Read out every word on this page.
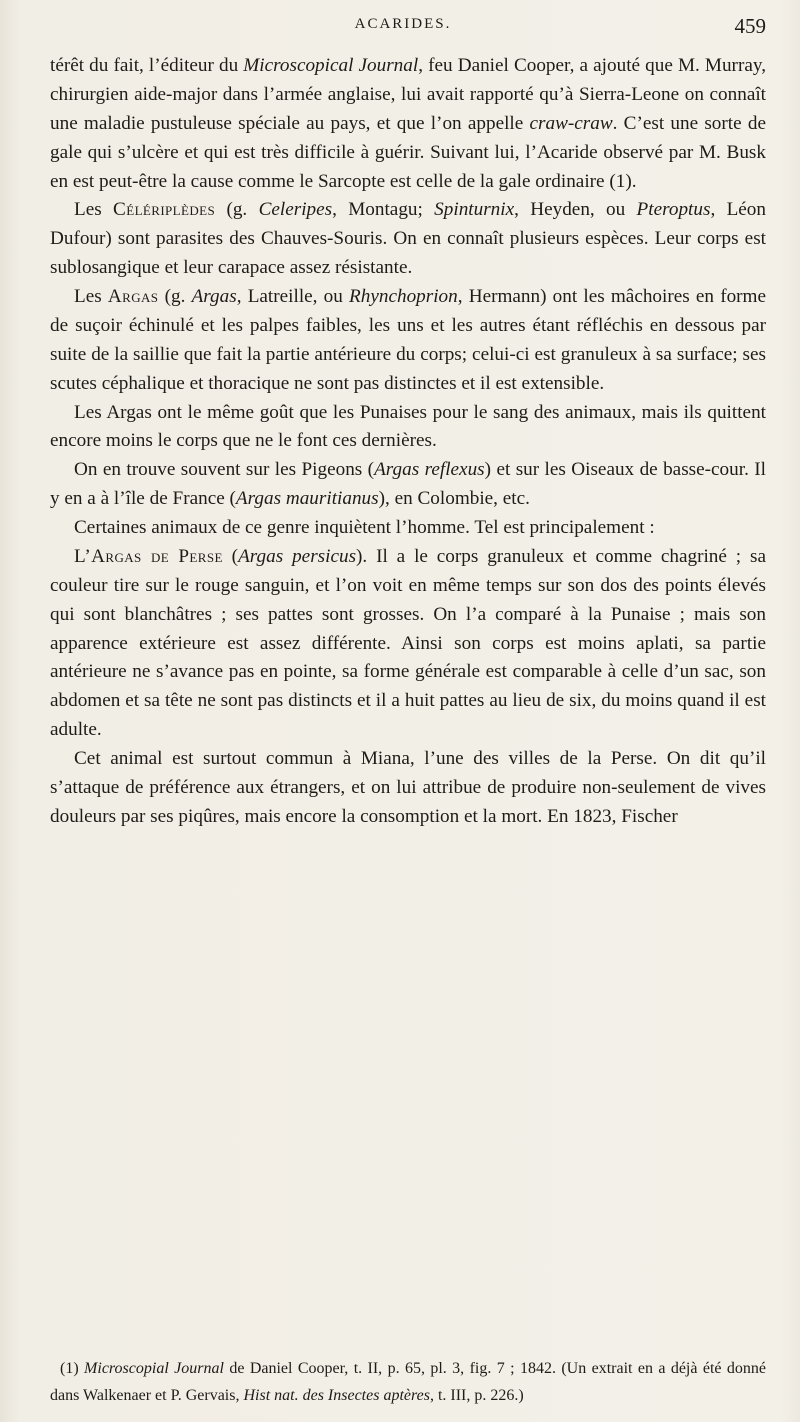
ACARIDES.	459

térêt du fait, l’éditeur du Microscopical Journal, feu Daniel Cooper, a ajouté que M. Murray, chirurgien aide-major dans l’armée anglaise, lui avait rapporté qu’à Sierra-Leone on connaît une maladie pustuleuse spéciale au pays, et que l’on appelle craw-craw. C’est une sorte de gale qui s’ulcère et qui est très difficile à guérir. Suivant lui, l’Acaride observé par M. Busk en est peut-être la cause comme le Sarcopte est celle de la gale ordinaire (1).

Les Célériplèdes (g. Celeripes, Montagu; Spinturnix, Heyden, ou Pteroptus, Léon Dufour) sont parasites des Chauves-Souris. On en connaît plusieurs espèces. Leur corps est sublosangique et leur carapace assez résistante.

Les Argas (g. Argas, Latreille, ou Rhynchoprion, Hermann) ont les mâchoires en forme de suçoir échinulé et les palpes faibles, les uns et les autres étant réfléchis en dessous par suite de la saillie que fait la partie antérieure du corps; celui-ci est granuleux à sa surface; ses scutes céphalique et thoracique ne sont pas distinctes et il est extensible.

Les Argas ont le même goût que les Punaises pour le sang des animaux, mais ils quittent encore moins le corps que ne le font ces dernières.

On en trouve souvent sur les Pigeons (Argas reflexus) et sur les Oiseaux de basse-cour. Il y en a à l’île de France (Argas mauritianus), en Colombie, etc.

Certaines animaux de ce genre inquiètent l’homme. Tel est principalement :

L’Argas de Perse (Argas persicus). Il a le corps granuleux et comme chagriné ; sa couleur tire sur le rouge sanguin, et l’on voit en même temps sur son dos des points élevés qui sont blanchâtres ; ses pattes sont grosses. On l’a comparé à la Punaise ; mais son apparence extérieure est assez différente. Ainsi son corps est moins aplati, sa partie antérieure ne s’avance pas en pointe, sa forme générale est comparable à celle d’un sac, son abdomen et sa tête ne sont pas distincts et il a huit pattes au lieu de six, du moins quand il est adulte.

Cet animal est surtout commun à Miana, l’une des villes de la Perse. On dit qu’il s’attaque de préférence aux étrangers, et on lui attribue de produire non-seulement de vives douleurs par ses piqûres, mais encore la consomption et la mort. En 1823, Fischer

(1) Microscopial Journal de Daniel Cooper, t. II, p. 65, pl. 3, fig. 7 ; 1842. (Un extrait en a déjà été donné dans Walkenaer et P. Gervais, Hist nat. des Insectes aptères, t. III, p. 226.)
